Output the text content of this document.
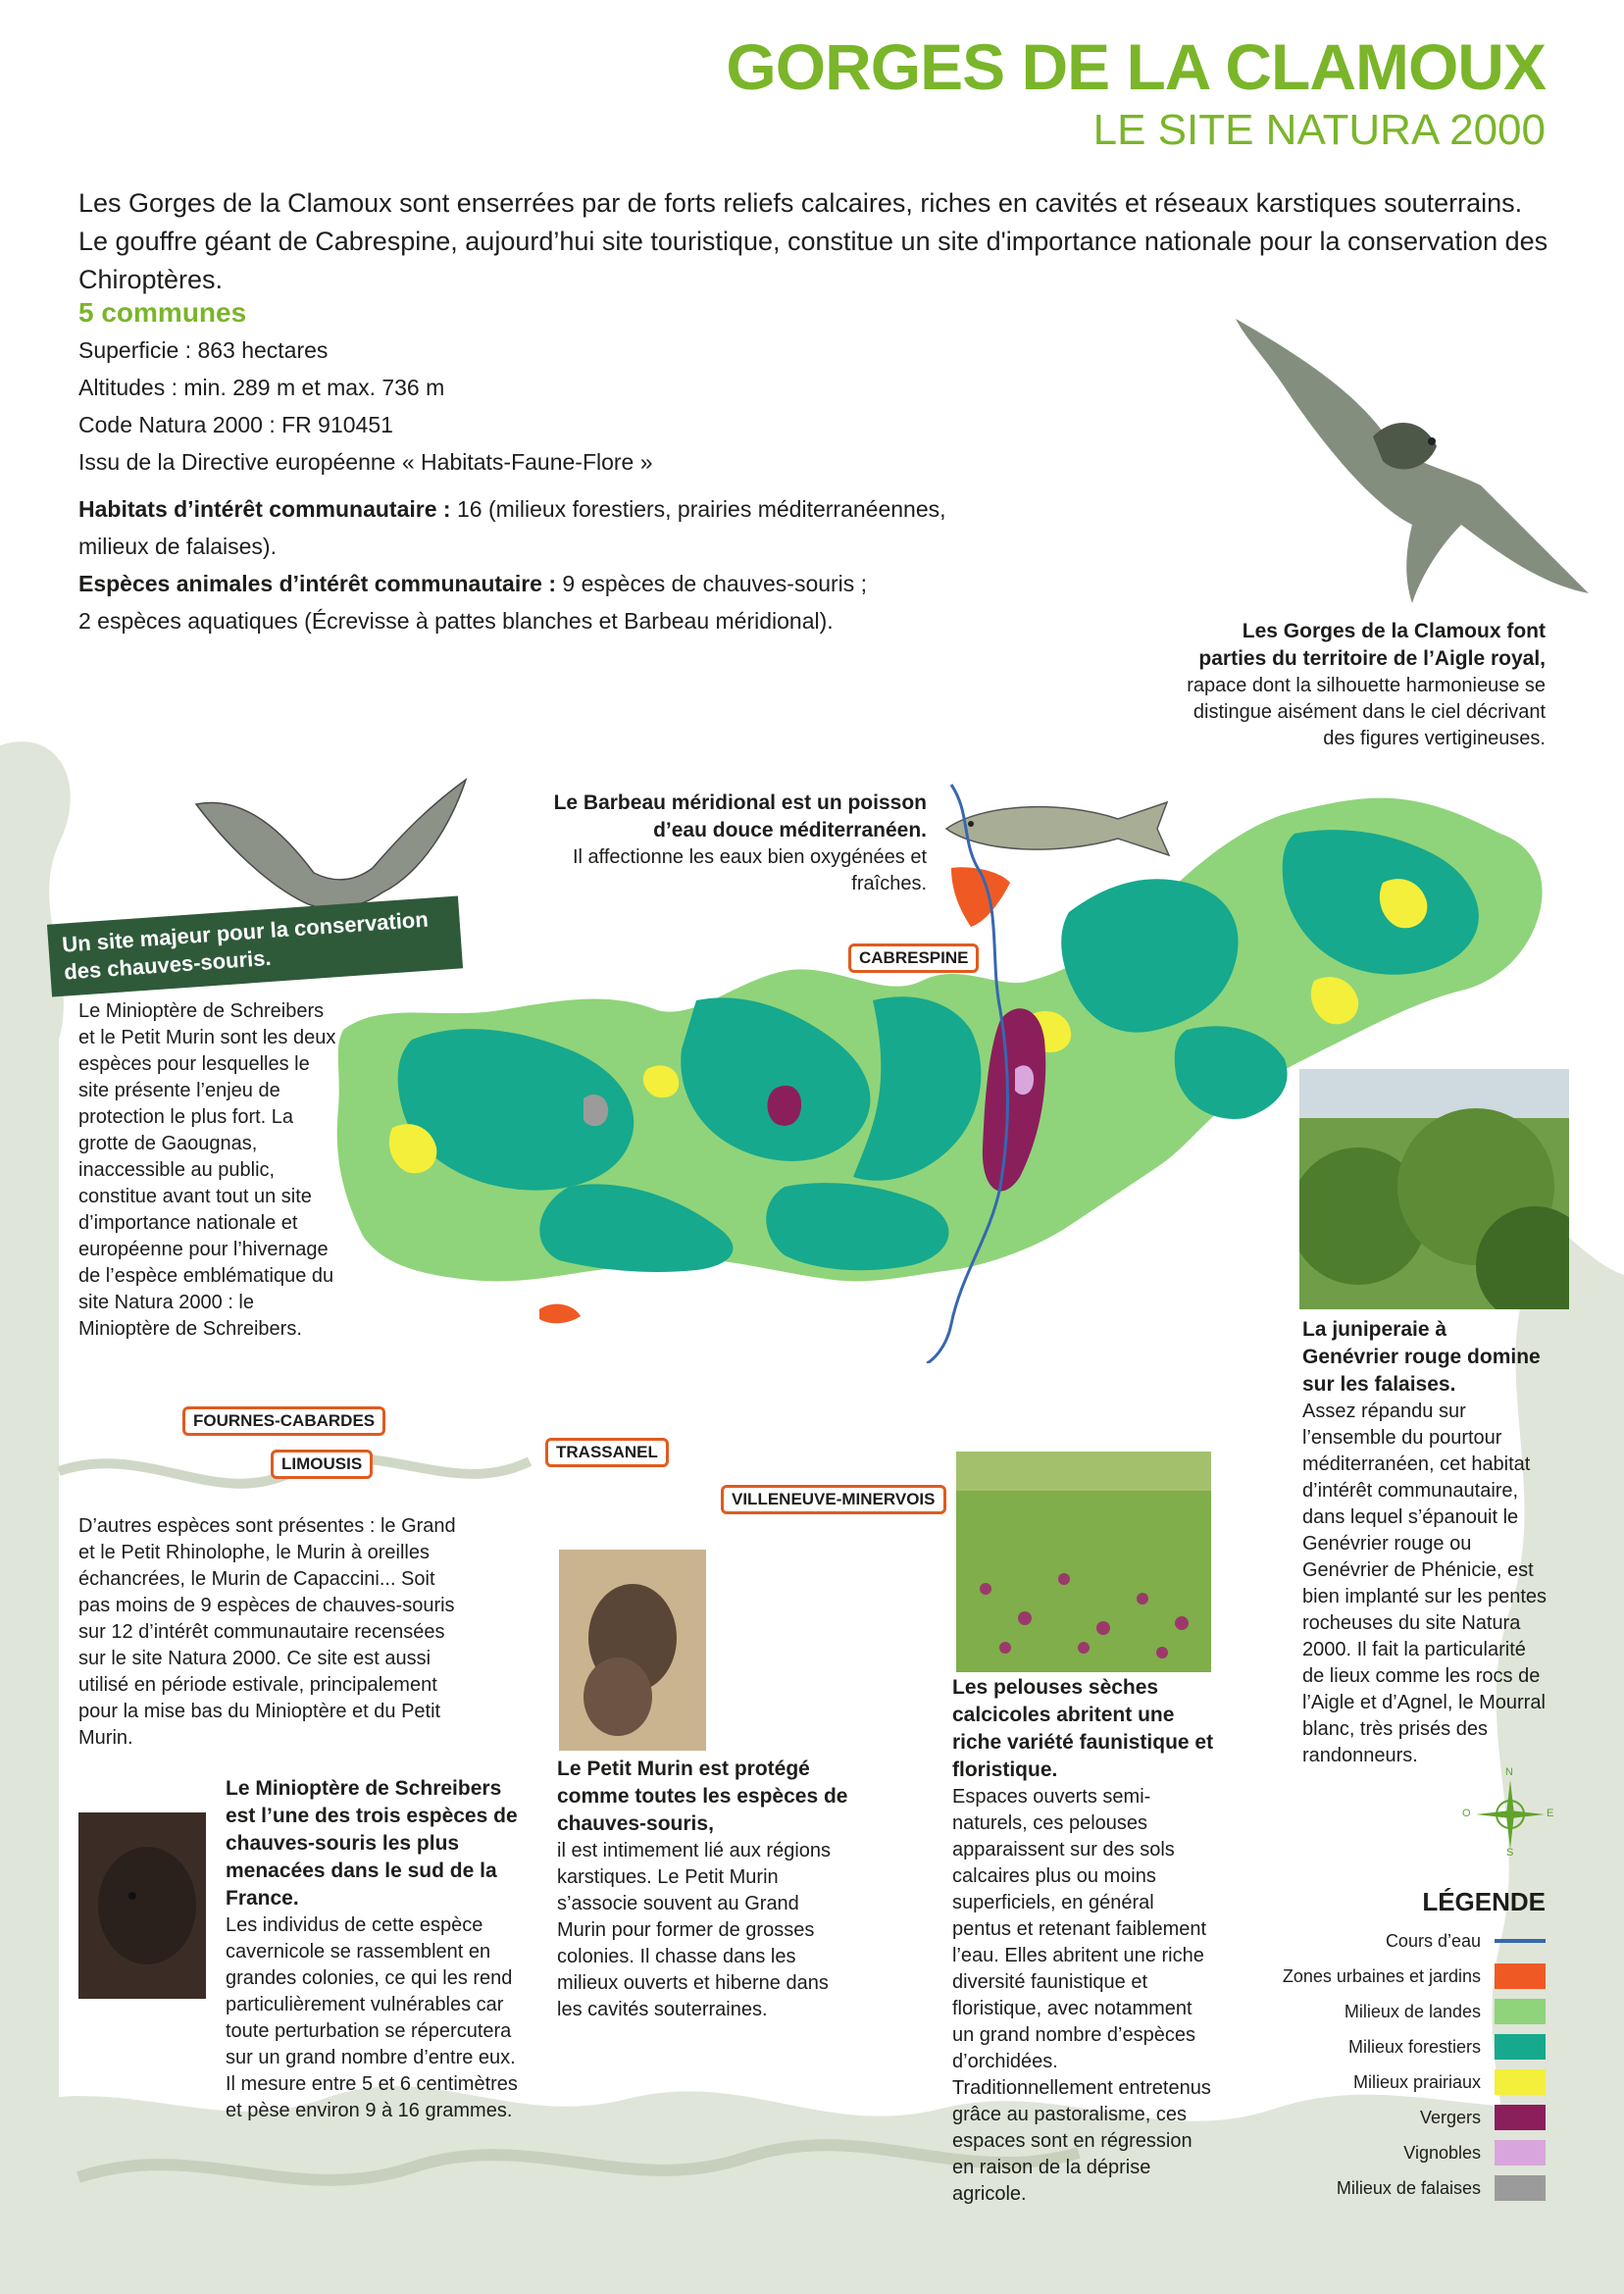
GORGES DE LA CLAMOUX
LE SITE NATURA 2000
Les Gorges de la Clamoux sont enserrées par de forts reliefs calcaires, riches en cavités et réseaux karstiques souterrains. Le gouffre géant de Cabrespine, aujourd’hui site touristique, constitue un site d'importance nationale pour la conservation des Chiroptères.

5 communes

Superficie : 863 hectares

Altitudes : min. 289 m et max. 736 m

Code Natura 2000 : FR 910451

Issu de la Directive européenne « Habitats-Faune-Flore »

Habitats d’intérêt communautaire : 16 (milieux forestiers, prairies méditerranéennes, milieux de falaises).

Espèces animales d’intérêt communautaire : 9 espèces de chauves-souris ;

2 espèces aquatiques (Écrevisse à pattes blanches et Barbeau méridional).	Les Gorges de la Clamoux font parties du territoire de l’Aigle royal,

rapace dont la silhouette harmonieuse se distingue aisément dans le ciel décrivant des figures vertigineuses.

Le Barbeau méridional est un poisson d’eau douce méditerranéen.

Il affectionne les eaux bien oxygénées et fraîches.

Un site majeur pour la conservation des chauves-souris.
Le Minioptère de Schreibers et le Petit Murin sont les deux espèces pour lesquelles le site présente l’enjeu de protection le plus fort. La grotte de Gaougnas, inaccessible au public, constitue avant tout un site d’importance nationale et européenne pour l’hivernage de l’espèce emblématique du site Natura 2000 : le Minioptère de Schreibers.
CABRESPINE
FOURNES-CABARDES
LIMOUSIS
TRASSANEL
VILLENEUVE-MINERVOIS

La juniperaie à Genévrier rouge domine sur les falaises.

Assez répandu sur l’ensemble du pourtour méditerranéen, cet habitat d’intérêt communautaire, dans lequel s’épanouit le Genévrier rouge ou Genévrier de Phénicie, est bien implanté sur les pentes rocheuses du site Natura 2000. Il fait la particularité de lieux comme les rocs de l’Aigle et d’Agnel, le Mourral blanc, très prisés des randonneurs.

D’autres espèces sont présentes : le Grand et le Petit Rhinolophe, le Murin à oreilles échancrées, le Murin de Capaccini... Soit pas moins de 9 espèces de chauves-souris sur 12 d’intérêt communautaire recensées sur le site Natura 2000. Ce site est aussi utilisé en période estivale, principalement pour la mise bas du Minioptère et du Petit Murin.

Le Petit Murin est protégé comme toutes les espèces de chauves-souris,

il est intimement lié aux régions karstiques. Le Petit Murin s’associe souvent au Grand Murin pour former de grosses colonies. Il chasse dans les milieux ouverts et hiberne dans les cavités souterraines.

Les pelouses sèches calcicoles abritent une riche variété faunistique et floristique.

Espaces ouverts semi-naturels, ces pelouses apparaissent sur des sols calcaires plus ou moins superficiels, en général pentus et retenant faiblement l’eau. Elles abritent une riche diversité faunistique et floristique, avec notamment un grand nombre d’espèces d’orchidées. Traditionnellement entretenus grâce au pastoralisme, ces espaces sont en régression en raison de la déprise agricole.

Le Minioptère de Schreibers est l’une des trois espèces de chauves-souris les plus menacées dans le sud de la France.

Les individus de cette espèce cavernicole se rassemblent en grandes colonies, ce qui les rend particulièrement vulnérables car toute perturbation se répercutera sur un grand nombre d’entre eux. Il mesure entre 5 et 6 centimètres et pèse environ 9 à 16 grammes.

N
S
E
O
LÉGENDE
Cours d’eau
Zones urbaines et jardins
Milieux de landes
Milieux forestiers
Milieux prairiaux
Vergers
Vignobles
Milieux de falaises
